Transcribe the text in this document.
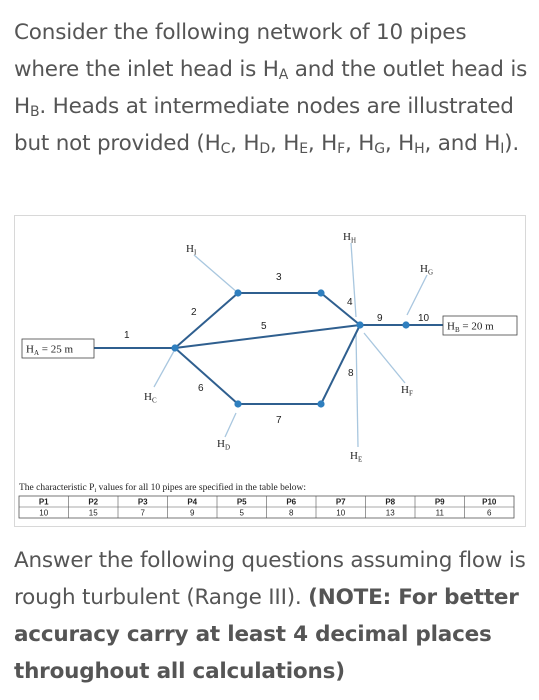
Consider the following network of 10 pipes where the inlet head is $H_A$ and the outlet head is $H_B$. Heads at intermediate nodes are illustrated but not provided ($H_C$, $H_D$, $H_E$, $H_F$, $H_G$, $H_H$, and $H_I$).
$H_A = 25$ m
$H_B = 20$ m
$H_I$
$H_H$
$H_G$
$H_C$
$H_D$
$H_E$
$H_F$
1
2
3
4
5
6
7
8
9	10
The characteristic $P_i$ values for all 10 pipes are specified in the table below:
P1
10
P2
15
P3
7
P4
9
P5
5
P6
8
P7
10
P8
13
P9
11
P10
6
Answer the following questions assuming flow is rough turbulent (Range III). (NOTE: For better accuracy carry at least 4 decimal places throughout all calculations)
